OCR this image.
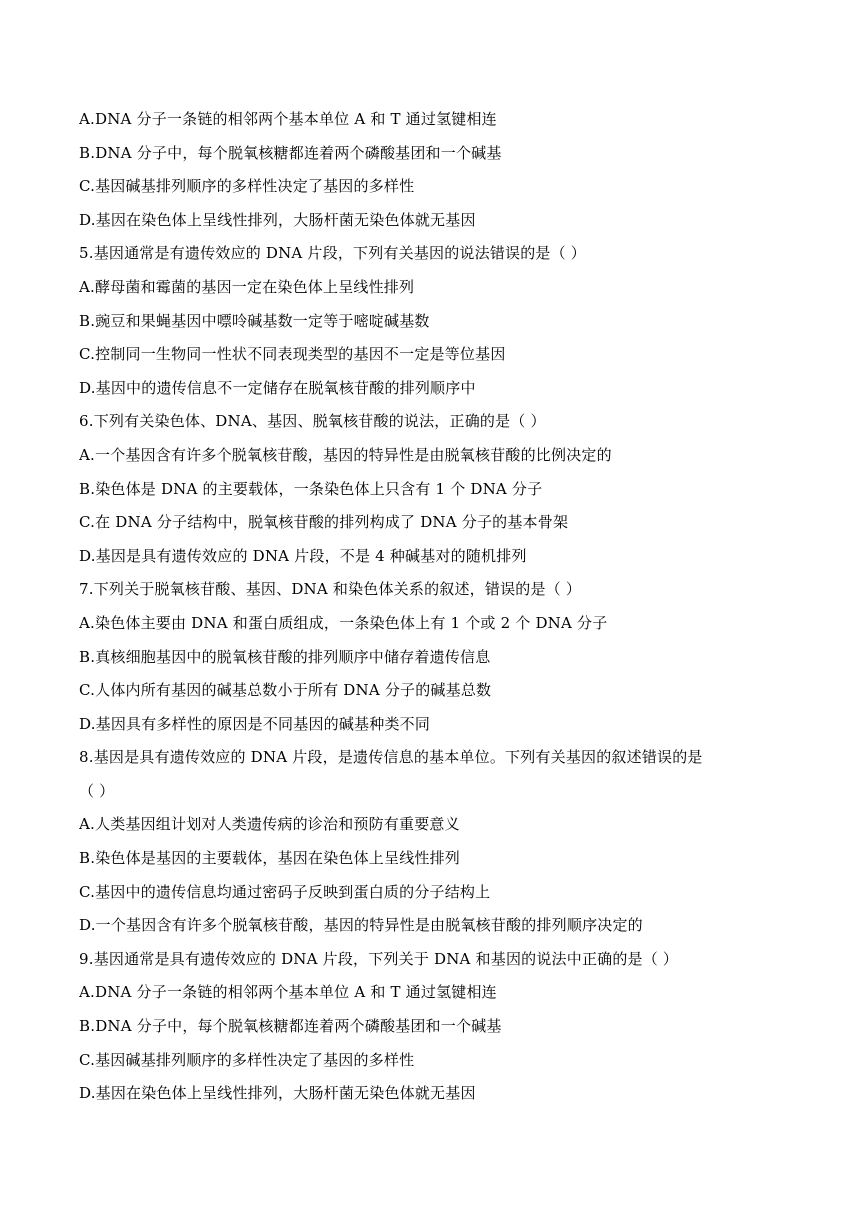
A.DNA 分子一条链的相邻两个基本单位 A 和 T 通过氢键相连
B.DNA 分子中，每个脱氧核糖都连着两个磷酸基团和一个碱基
C.基因碱基排列顺序的多样性决定了基因的多样性
D.基因在染色体上呈线性排列，大肠杆菌无染色体就无基因
5.基因通常是有遗传效应的 DNA 片段，下列有关基因的说法错误的是（ ）
A.酵母菌和霉菌的基因一定在染色体上呈线性排列
B.豌豆和果蝇基因中嘌呤碱基数一定等于嘧啶碱基数
C.控制同一生物同一性状不同表现类型的基因不一定是等位基因
D.基因中的遗传信息不一定储存在脱氧核苷酸的排列顺序中
6.下列有关染色体、DNA、基因、脱氧核苷酸的说法，正确的是（ ）
A.一个基因含有许多个脱氧核苷酸，基因的特异性是由脱氧核苷酸的比例决定的
B.染色体是 DNA 的主要载体，一条染色体上只含有 1 个 DNA 分子
C.在 DNA 分子结构中，脱氧核苷酸的排列构成了 DNA 分子的基本骨架
D.基因是具有遗传效应的 DNA 片段，不是 4 种碱基对的随机排列
7.下列关于脱氧核苷酸、基因、DNA 和染色体关系的叙述，错误的是（ ）
A.染色体主要由 DNA 和蛋白质组成，一条染色体上有 1 个或 2 个 DNA 分子
B.真核细胞基因中的脱氧核苷酸的排列顺序中储存着遗传信息
C.人体内所有基因的碱基总数小于所有 DNA 分子的碱基总数
D.基因具有多样性的原因是不同基因的碱基种类不同
8.基因是具有遗传效应的 DNA 片段，是遗传信息的基本单位。下列有关基因的叙述错误的是
（ ）
A.人类基因组计划对人类遗传病的诊治和预防有重要意义
B.染色体是基因的主要载体，基因在染色体上呈线性排列
C.基因中的遗传信息均通过密码子反映到蛋白质的分子结构上
D.一个基因含有许多个脱氧核苷酸，基因的特异性是由脱氧核苷酸的排列顺序决定的
9.基因通常是具有遗传效应的 DNA 片段，下列关于 DNA 和基因的说法中正确的是（ ）
A.DNA 分子一条链的相邻两个基本单位 A 和 T 通过氢键相连
B.DNA 分子中，每个脱氧核糖都连着两个磷酸基团和一个碱基
C.基因碱基排列顺序的多样性决定了基因的多样性
D.基因在染色体上呈线性排列，大肠杆菌无染色体就无基因
